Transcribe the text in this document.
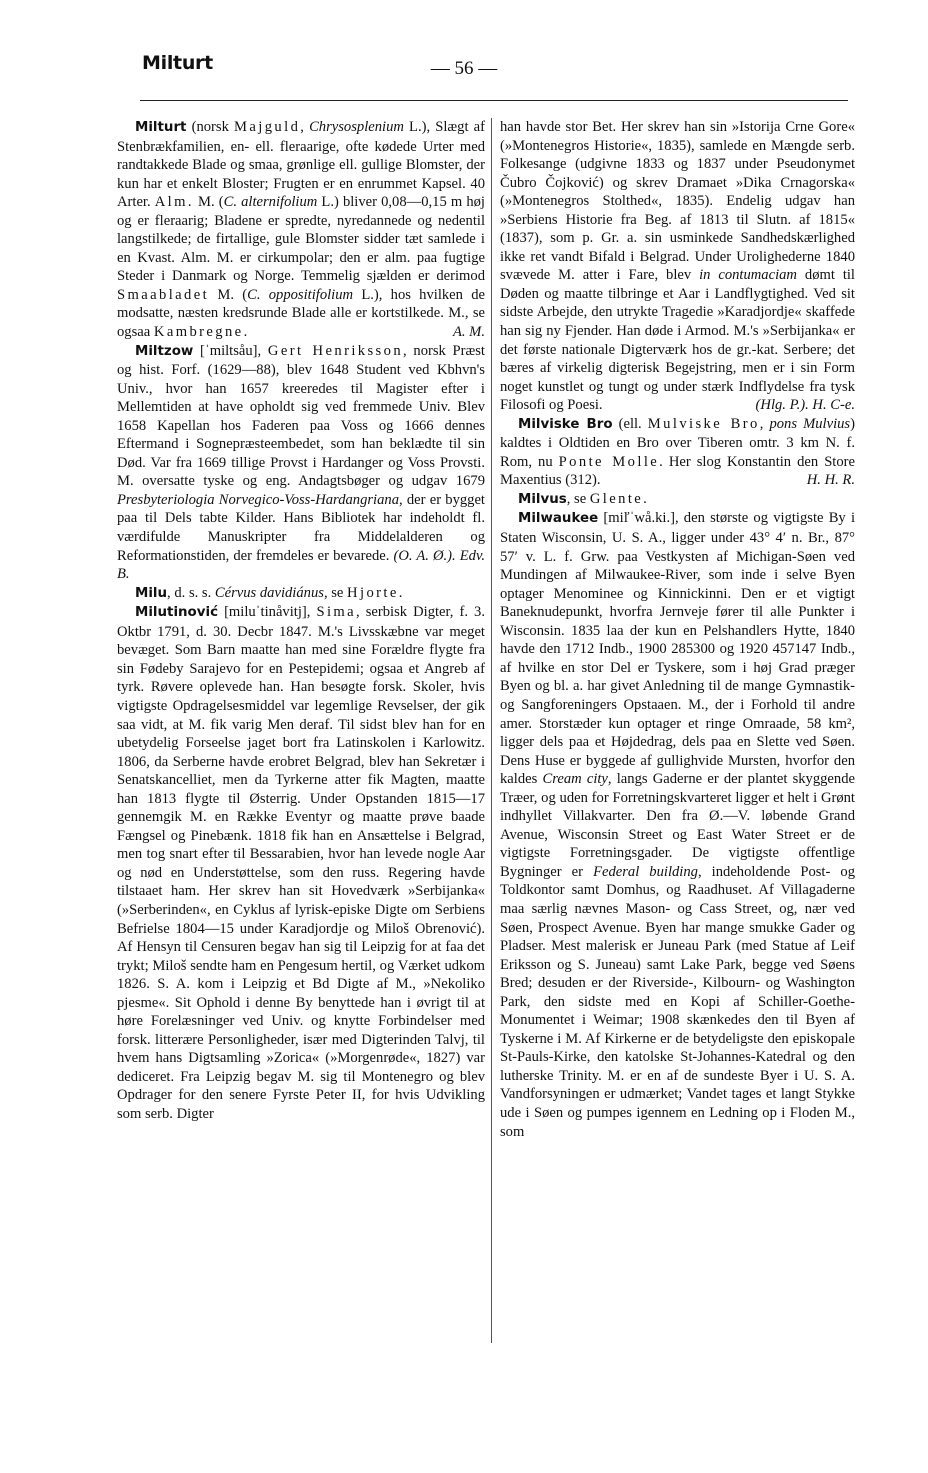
Milturt	— 56 —

Milturt (norsk Majguld, Chrysosplenium L.), Slægt af Stenbrækfamilien, en- ell. fleraarige, ofte kødede Urter med randtakkede Blade og smaa, grønlige ell. gullige Blomster, der kun har et enkelt Bloster; Frugten er en enrummet Kapsel. 40 Arter. Alm. M. (C. alternifolium L.) bliver 0,08—0,15 m høj og er fleraarig; Bladene er spredte, nyredannede og nedentil langstilkede; de firtallige, gule Blomster sidder tæt samlede i en Kvast. Alm. M. er cirkumpolar; den er alm. paa fugtige Steder i Danmark og Norge. Temmelig sjælden er derimod Smaabladet M. (C. oppositifolium L.), hos hvilken de modsatte, næsten kredsrunde Blade alle er kortstilkede. M., se ogsaa Kambregne.	A. M.

Miltzow [ˈmiltsåu], Gert Henriksson, norsk Præst og hist. Forf. (1629—88), blev 1648 Student ved Kbhvn's Univ., hvor han 1657 kreeredes til Magister efter i Mellemtiden at have opholdt sig ved fremmede Univ. Blev 1658 Kapellan hos Faderen paa Voss og 1666 dennes Eftermand i Sognepræsteembedet, som han beklædte til sin Død. Var fra 1669 tillige Provst i Hardanger og Voss Provsti. M. oversatte tyske og eng. Andagtsbøger og udgav 1679 Presbyteriologia Norvegico-Voss-Hardangriana, der er bygget paa til Dels tabte Kilder. Hans Bibliotek har indeholdt fl. værdifulde Manuskripter fra Middelalderen og Reformationstiden, der fremdeles er bevarede. (O. A. Ø.). Edv. B.

Milu, d. s. s. Cérvus davidiánus, se Hjorte.

Milutinović [miluˈtinåvitj], Sima, serbisk Digter, f. 3. Oktbr 1791, d. 30. Decbr 1847. M.'s Livsskæbne var meget bevæget. Som Barn maatte han med sine Forældre flygte fra sin Fødeby Sarajevo for en Pestepidemi; ogsaa et Angreb af tyrk. Røvere oplevede han. Han besøgte forsk. Skoler, hvis vigtigste Opdragelsesmiddel var legemlige Revselser, der gik saa vidt, at M. fik varig Men deraf. Til sidst blev han for en ubetydelig Forseelse jaget bort fra Latinskolen i Karlowitz. 1806, da Serberne havde erobret Belgrad, blev han Sekretær i Senatskancelliet, men da Tyrkerne atter fik Magten, maatte han 1813 flygte til Østerrig. Under Opstanden 1815—17 gennemgik M. en Række Eventyr og maatte prøve baade Fængsel og Pinebænk. 1818 fik han en Ansættelse i Belgrad, men tog snart efter til Bessarabien, hvor han levede nogle Aar og nød en Understøttelse, som den russ. Regering havde tilstaaet ham. Her skrev han sit Hovedværk »Serbijanka« (»Serberinden«, en Cyklus af lyrisk-episke Digte om Serbiens Befrielse 1804—15 under Karadjordje og Miloš Obrenović). Af Hensyn til Censuren begav han sig til Leipzig for at faa det trykt; Miloš sendte ham en Pengesum hertil, og Værket udkom 1826. S. A. kom i Leipzig et Bd Digte af M., »Nekoliko pjesme«. Sit Ophold i denne By benyttede han i øvrigt til at høre Forelæsninger ved Univ. og knytte Forbindelser med forsk. litterære Personligheder, især med Digterinden Talvj, til hvem hans Digtsamling »Zorica« (»Morgenrøde«, 1827) var dediceret. Fra Leipzig begav M. sig til Montenegro og blev Opdrager for den senere Fyrste Peter II, for hvis Udvikling som serb. Digter

han havde stor Bet. Her skrev han sin »Istorija Crne Gore« (»Montenegros Historie«, 1835), samlede en Mængde serb. Folkesange (udgivne 1833 og 1837 under Pseudonymet Čubro Čojković) og skrev Dramaet »Dika Crnagorska« (»Montenegros Stolthed«, 1835). Endelig udgav han »Serbiens Historie fra Beg. af 1813 til Slutn. af 1815« (1837), som p. Gr. a. sin usminkede Sandhedskærlighed ikke ret vandt Bifald i Belgrad. Under Urolighederne 1840 svævede M. atter i Fare, blev in contumaciam dømt til Døden og maatte tilbringe et Aar i Landflygtighed. Ved sit sidste Arbejde, den utrykte Tragedie »Karadjordje« skaffede han sig ny Fjender. Han døde i Armod. M.'s »Serbijanka« er det første nationale Digterværk hos de gr.-kat. Serbere; det bæres af virkelig digterisk Begejstring, men er i sin Form noget kunstlet og tungt og under stærk Indflydelse fra tysk Filosofi og Poesi.	(Hlg. P.). H. C-e.

Milviske Bro (ell. Mulviske Bro, pons Mulvius) kaldtes i Oldtiden en Bro over Tiberen omtr. 3 km N. f. Rom, nu Ponte Molle. Her slog Konstantin den Store Maxentius (312).	H. H. R.

Milvus, se Glente.

Milwaukee [miľˈwå.ki.], den største og vigtigste By i Staten Wisconsin, U. S. A., ligger under 43° 4′ n. Br., 87° 57′ v. L. f. Grw. paa Vestkysten af Michigan-Søen ved Mundingen af Milwaukee-River, som inde i selve Byen optager Menominee og Kinnickinni. Den er et vigtigt Baneknudepunkt, hvorfra Jernveje fører til alle Punkter i Wisconsin. 1835 laa der kun en Pelshandlers Hytte, 1840 havde den 1712 Indb., 1900 285300 og 1920 457147 Indb., af hvilke en stor Del er Tyskere, som i høj Grad præger Byen og bl. a. har givet Anledning til de mange Gymnastik- og Sangforeningers Opstaaen. M., der i Forhold til andre amer. Storstæder kun optager et ringe Omraade, 58 km², ligger dels paa et Højdedrag, dels paa en Slette ved Søen. Dens Huse er byggede af gullighvide Mursten, hvorfor den kaldes Cream city, langs Gaderne er der plantet skyggende Træer, og uden for Forretningskvarteret ligger et helt i Grønt indhyllet Villakvarter. Den fra Ø.—V. løbende Grand Avenue, Wisconsin Street og East Water Street er de vigtigste Forretningsgader. De vigtigste offentlige Bygninger er Federal building, indeholdende Post- og Toldkontor samt Domhus, og Raadhuset. Af Villagaderne maa særlig nævnes Mason- og Cass Street, og, nær ved Søen, Prospect Avenue. Byen har mange smukke Gader og Pladser. Mest malerisk er Juneau Park (med Statue af Leif Eriksson og S. Juneau) samt Lake Park, begge ved Søens Bred; desuden er der Riverside-, Kilbourn- og Washington Park, den sidste med en Kopi af Schiller-Goethe-Monumentet i Weimar; 1908 skænkedes den til Byen af Tyskerne i M. Af Kirkerne er de betydeligste den episkopale St-Pauls-Kirke, den katolske St-Johannes-Katedral og den lutherske Trinity. M. er en af de sundeste Byer i U. S. A. Vandforsyningen er udmærket; Vandet tages et langt Stykke ude i Søen og pumpes igennem en Ledning op i Floden M., som
